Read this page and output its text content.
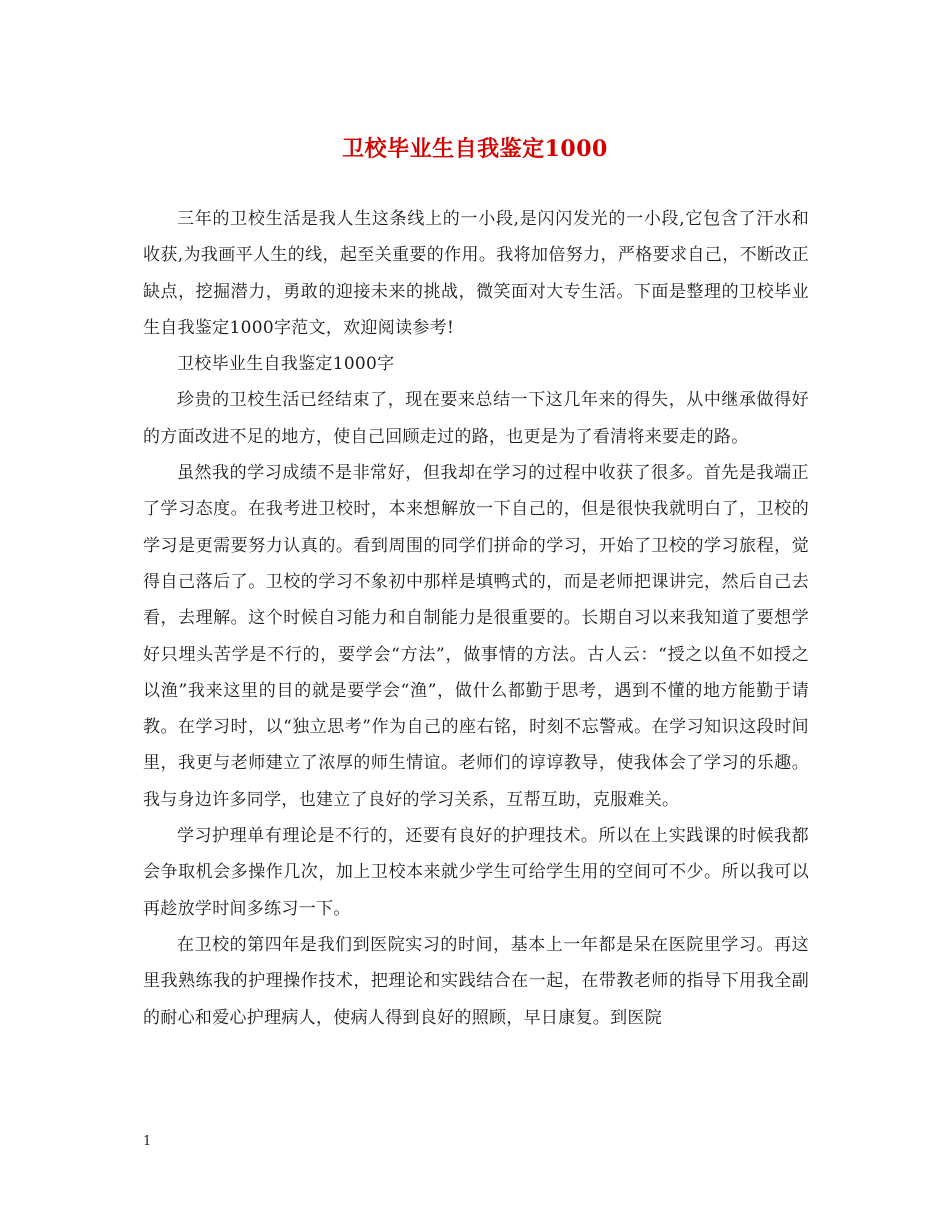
卫校毕业生自我鉴定1000

三年的卫校生活是我人生这条线上的一小段,是闪闪发光的一小段,它包含了汗水和收获,为我画平人生的线，起至关重要的作用。我将加倍努力，严格要求自己，不断改正缺点，挖掘潜力，勇敢的迎接未来的挑战，微笑面对大专生活。下面是整理的卫校毕业生自我鉴定1000字范文，欢迎阅读参考!

卫校毕业生自我鉴定1000字

珍贵的卫校生活已经结束了，现在要来总结一下这几年来的得失，从中继承做得好的方面改进不足的地方，使自己回顾走过的路，也更是为了看清将来要走的路。

虽然我的学习成绩不是非常好，但我却在学习的过程中收获了很多。首先是我端正了学习态度。在我考进卫校时，本来想解放一下自己的，但是很快我就明白了，卫校的学习是更需要努力认真的。看到周围的同学们拼命的学习，开始了卫校的学习旅程，觉得自己落后了。卫校的学习不象初中那样是填鸭式的，而是老师把课讲完，然后自己去看，去理解。这个时候自习能力和自制能力是很重要的。长期自习以来我知道了要想学好只埋头苦学是不行的，要学会“方法”，做事情的方法。古人云：“授之以鱼不如授之以渔”我来这里的目的就是要学会“渔”，做什么都勤于思考，遇到不懂的地方能勤于请教。在学习时，以“独立思考”作为自己的座右铭，时刻不忘警戒。在学习知识这段时间里，我更与老师建立了浓厚的师生情谊。老师们的谆谆教导，使我体会了学习的乐趣。我与身边许多同学，也建立了良好的学习关系，互帮互助，克服难关。

学习护理单有理论是不行的，还要有良好的护理技术。所以在上实践课的时候我都会争取机会多操作几次，加上卫校本来就少学生可给学生用的空间可不少。所以我可以再趁放学时间多练习一下。

在卫校的第四年是我们到医院实习的时间，基本上一年都是呆在医院里学习。再这里我熟练我的护理操作技术，把理论和实践结合在一起，在带教老师的指导下用我全副的耐心和爱心护理病人，使病人得到良好的照顾，早日康复。到医院

1
